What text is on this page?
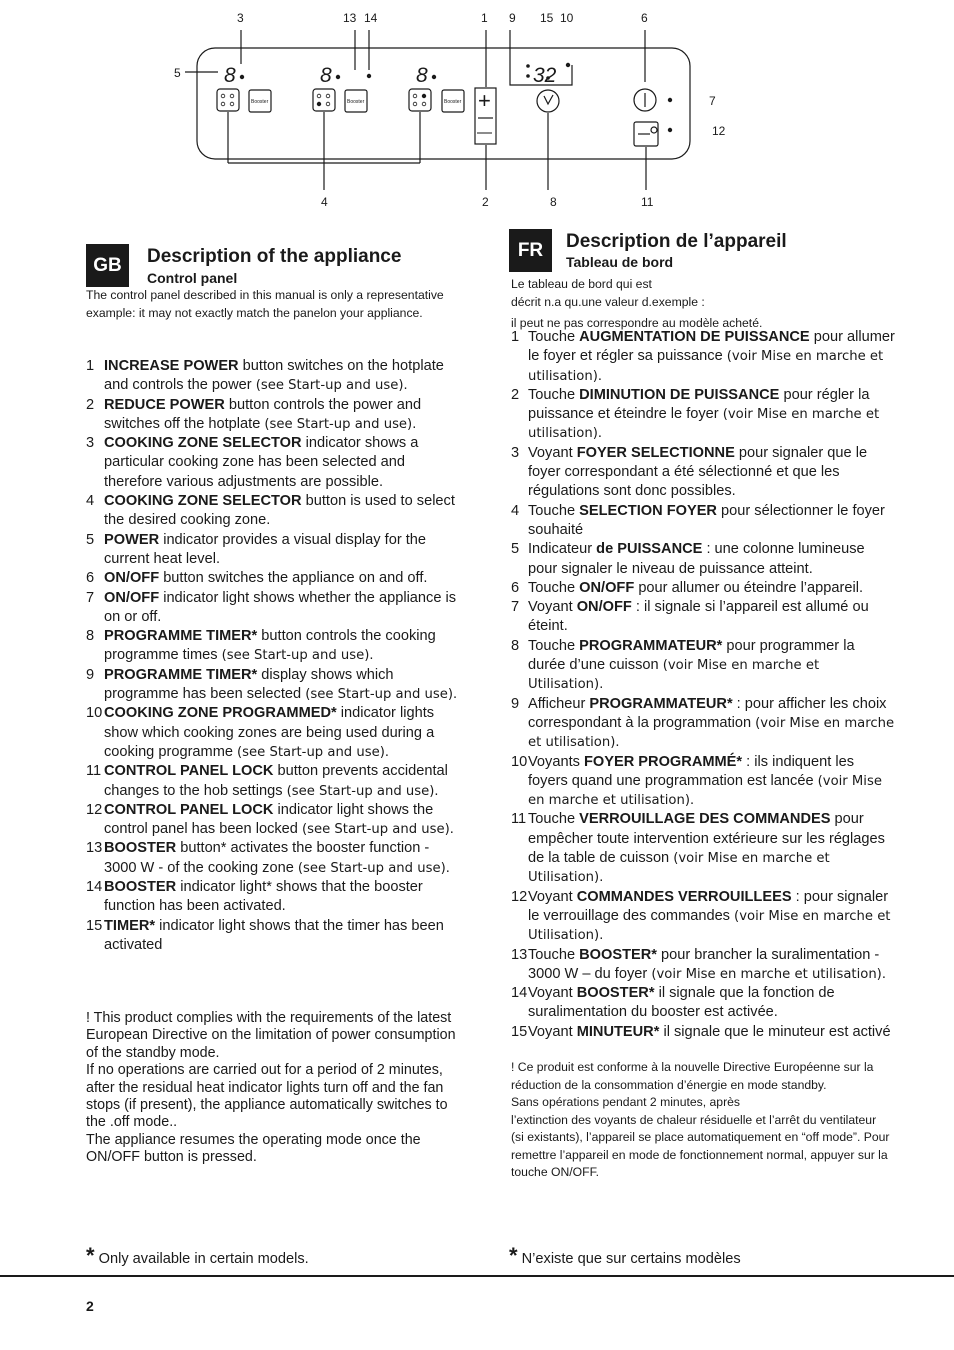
8	8	8	32
Booster	Booster	Booster +
—
3	13 14	1 9 15 10	6
5
7
12
4	2	8	11
GB	Description of the appliance
Control panel
The control panel described in this manual is only a representative example: it may not exactly match the panelon your appliance.
1 INCREASE POWER button switches on the hotplate and controls the power (see Start-up and use).
2 REDUCE POWER button controls the power and switches off the hotplate (see Start-up and use).
3 COOKING ZONE SELECTOR indicator shows a particular cooking zone has been selected and therefore various adjustments are possible.
4 COOKING ZONE SELECTOR button is used to select the desired cooking zone.
5 POWER indicator provides a visual display for the current heat level.
6 ON/OFF button switches the appliance on and off.
7 ON/OFF indicator light shows whether the appliance is on or off.
8 PROGRAMME TIMER* button controls the cooking programme times (see Start-up and use).
9 PROGRAMME TIMER* display shows which programme has been selected (see Start-up and use).
10 COOKING ZONE PROGRAMMED* indicator lights show which cooking zones are being used during a cooking programme (see Start-up and use).
11 CONTROL PANEL LOCK button prevents accidental changes to the hob settings (see Start-up and use).
12 CONTROL PANEL LOCK indicator light shows the control panel has been locked (see Start-up and use).
13 BOOSTER button* activates the booster function - 3000 W - of the cooking zone (see Start-up and use).
14 BOOSTER indicator light* shows that the booster function has been activated.
15 TIMER* indicator light shows that the timer has been activated

! This product complies with the requirements of the latest European Directive on the limitation of power consumption of the standby mode.

If no operations are carried out for a period of 2 minutes, after the residual heat indicator lights turn off and the fan stops (if present), the appliance automatically switches to the .off mode..

The appliance resumes the operating mode once the ON/OFF button is pressed.

* Only available in certain models.
FR	Description de l’appareil
Tableau de bord

Le tableau de bord qui est

décrit n.a qu.une valeur d.exemple :

il peut ne pas correspondre au modèle acheté.

1 Touche AUGMENTATION DE PUISSANCE pour allumer le foyer et régler sa puissance (voir Mise en marche et utilisation).
2 Touche DIMINUTION DE PUISSANCE pour régler la puissance et éteindre le foyer (voir Mise en marche et utilisation).
3 Voyant FOYER SELECTIONNE pour signaler que le foyer correspondant a été sélectionné et que les régulations sont donc possibles.
4 Touche SELECTION FOYER pour sélectionner le foyer souhaité
5 Indicateur de PUISSANCE : une colonne lumineuse pour signaler le niveau de puissance atteint.
6 Touche ON/OFF pour allumer ou éteindre l’appareil.
7 Voyant ON/OFF : il signale si l’appareil est allumé ou éteint.
8 Touche PROGRAMMATEUR* pour programmer la durée d’une cuisson (voir Mise en marche et Utilisation).
9 Afficheur PROGRAMMATEUR* : pour afficher les choix correspondant à la programmation (voir Mise en marche et utilisation).
10 Voyants FOYER PROGRAMMÉ* : ils indiquent les foyers quand une programmation est lancée (voir Mise en marche et utilisation).
11 Touche VERROUILLAGE DES COMMANDES pour empêcher toute intervention extérieure sur les réglages de la table de cuisson (voir Mise en marche et Utilisation).
12 Voyant COMMANDES VERROUILLEES : pour signaler le verrouillage des commandes (voir Mise en marche et Utilisation).
13 Touche BOOSTER* pour brancher la suralimentation - 3000 W – du foyer (voir Mise en marche et utilisation).
14 Voyant BOOSTER* il signale que la fonction de suralimentation du booster est activée.
15 Voyant MINUTEUR* il signale que le minuteur est activé

! Ce produit est conforme à la nouvelle Directive Européenne sur la réduction de la consommation d’énergie en mode standby.

Sans opérations pendant 2 minutes, après

l’extinction des voyants de chaleur résiduelle et l’arrêt du ventilateur (si existants), l’appareil se place automatiquement en “off mode”. Pour remettre l’appareil en mode de fonctionnement normal, appuyer sur la touche ON/OFF.

* N’existe que sur certains modèles
2
